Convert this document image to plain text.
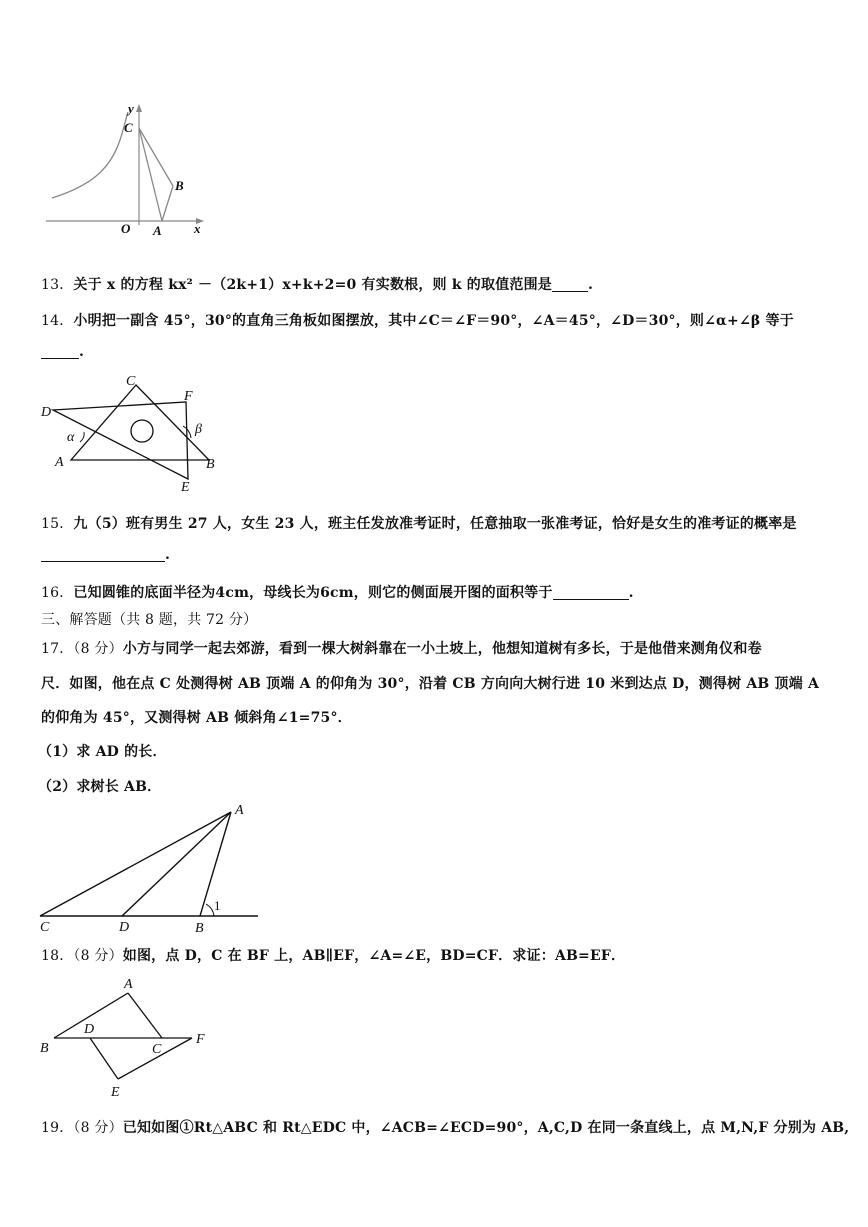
y
C
B
O A x
13．关于 x 的方程 kx² －（2k+1）x+k+2=0 有实数根，则 k 的取值范围是	.
14．小明把一副含 45°，30°的直角三角板如图摆放，其中∠C＝∠F＝90°，∠A＝45°，∠D＝30°，则∠α+∠β 等于
.
C
D
F
α
β
A	B
E
15．九（5）班有男生 27 人，女生 23 人，班主任发放准考证时，任意抽取一张准考证，恰好是女生的准考证的概率是
.
16．已知圆锥的底面半径为4cm，母线长为6cm，则它的侧面展开图的面积等于	.
三、解答题（共 8 题，共 72 分）
17．（8 分）小方与同学一起去郊游，看到一棵大树斜靠在一小土坡上，他想知道树有多长，于是他借来测角仪和卷
尺．如图，他在点 C 处测得树 AB 顶端 A 的仰角为 30°，沿着 CB 方向向大树行进 10 米到达点 D，测得树 AB 顶端 A
的仰角为 45°，又测得树 AB 倾斜角∠1=75°．
（1）求 AD 的长．
（2）求树长 AB．
A
1
C	D	B
18．（8 分）如图，点 D，C 在 BF 上，AB∥EF，∠A=∠E，BD=CF．求证：AB=EF．
A
D
B	C
F
E
19．（8 分）已知如图①Rt△ABC 和 Rt△EDC 中，∠ACB=∠ECD=90°，A,C,D 在同一条直线上，点 M,N,F 分别为 AB,
